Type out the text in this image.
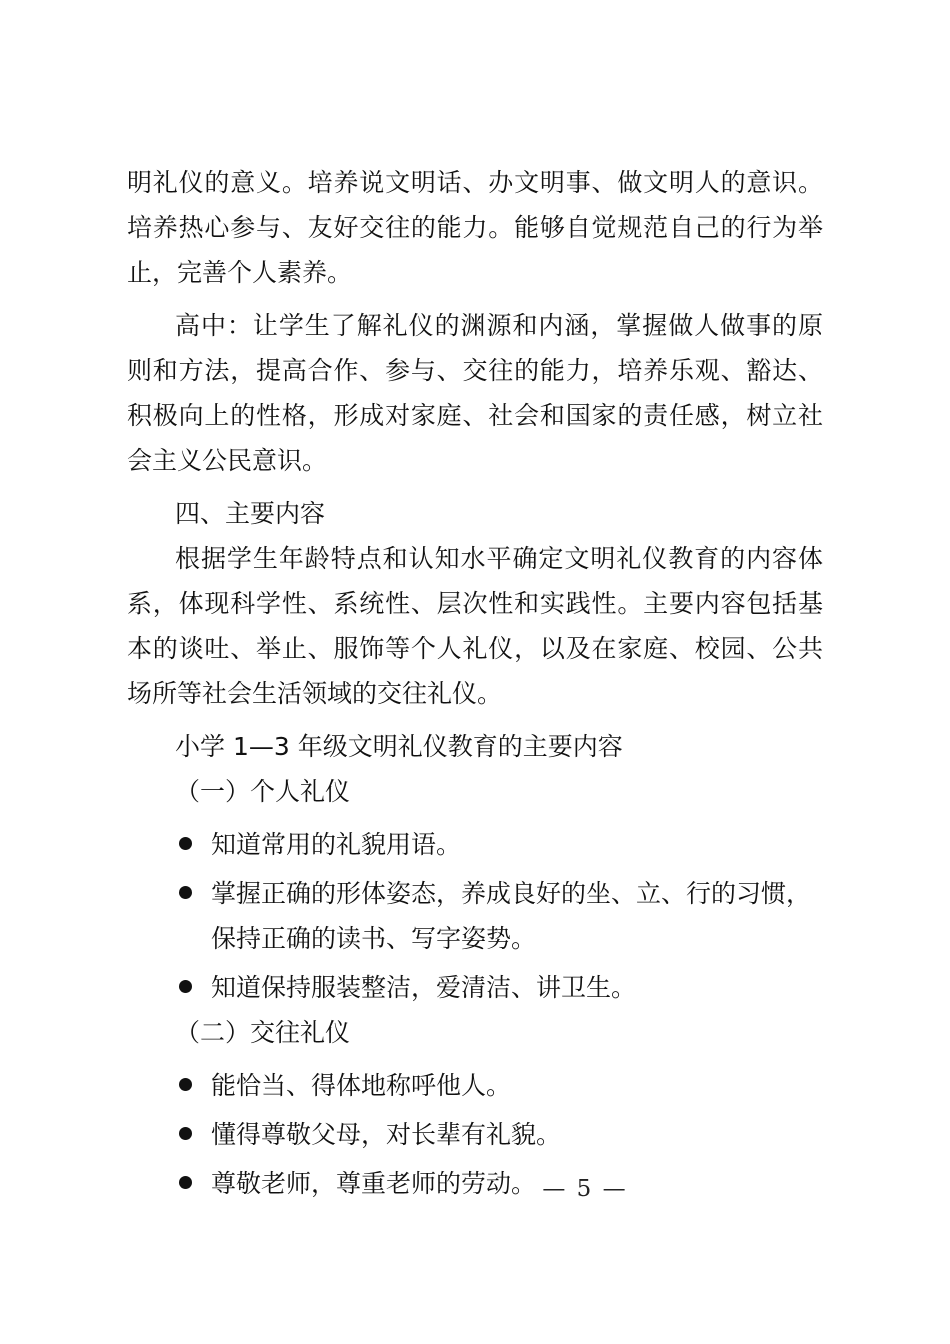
明礼仪的意义。培养说文明话、办文明事、做文明人的意识。培养热心参与、友好交往的能力。能够自觉规范自己的行为举止，完善个人素养。

高中：让学生了解礼仪的渊源和内涵，掌握做人做事的原则和方法，提高合作、参与、交往的能力，培养乐观、豁达、积极向上的性格，形成对家庭、社会和国家的责任感，树立社会主义公民意识。

四、主要内容

根据学生年龄特点和认知水平确定文明礼仪教育的内容体系，体现科学性、系统性、层次性和实践性。主要内容包括基本的谈吐、举止、服饰等个人礼仪，以及在家庭、校园、公共场所等社会生活领域的交往礼仪。

小学 1—3 年级文明礼仪教育的主要内容

（一）个人礼仪

知道常用的礼貌用语。
掌握正确的形体姿态，养成良好的坐、立、行的习惯，保持正确的读书、写字姿势。
知道保持服装整洁，爱清洁、讲卫生。

（二）交往礼仪

能恰当、得体地称呼他人。
懂得尊敬父母，对长辈有礼貌。
尊敬老师，尊重老师的劳动。 — 5 —
